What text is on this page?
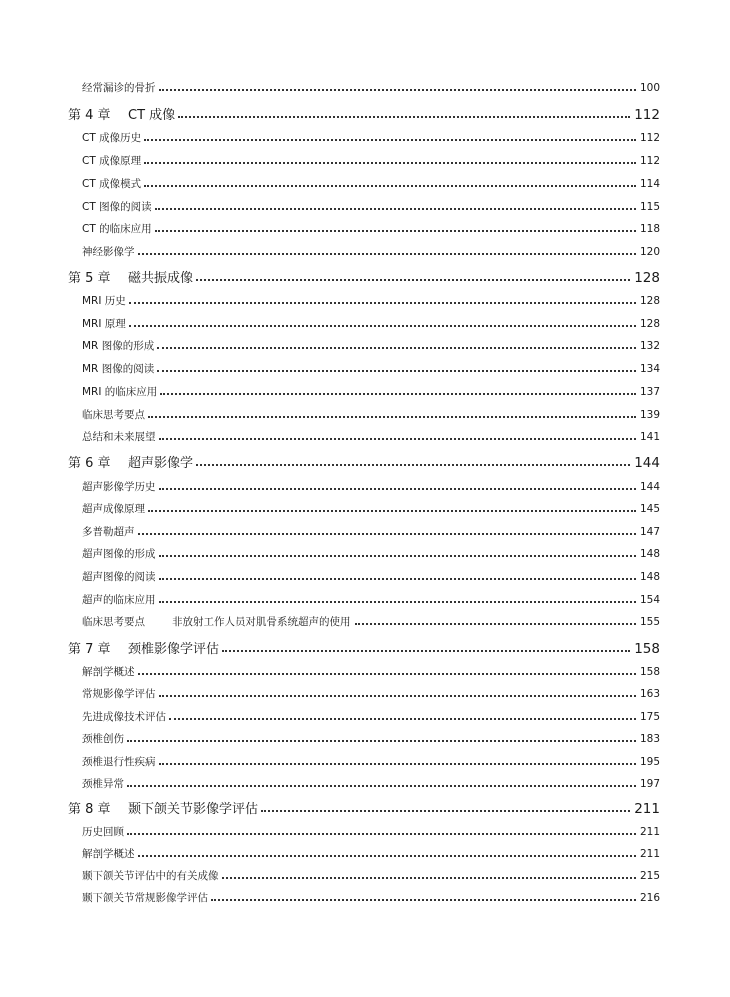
经常漏诊的骨折	100
第 4 章 CT 成像	112
CT 成像历史	112
CT 成像原理	112
CT 成像模式	114
CT 图像的阅读	115
CT 的临床应用	118
神经影像学	120
第 5 章 磁共振成像	128
MRI 历史	128
MRI 原理	128
MR 图像的形成	132
MR 图像的阅读	134
MRI 的临床应用	137
临床思考要点	139
总结和未来展望	141
第 6 章 超声影像学	144
超声影像学历史	144
超声成像原理	145
多普勒超声	147
超声图像的形成	148
超声图像的阅读	148
超声的临床应用	154
临床思考要点	非放射工作人员对肌骨系统超声的使用	155
第 7 章 颈椎影像学评估	158
解剖学概述	158
常规影像学评估	163
先进成像技术评估	175
颈椎创伤	183
颈椎退行性疾病	195
颈椎异常	197
第 8 章 颞下颌关节影像学评估	211
历史回顾	211
解剖学概述	211
颞下颌关节评估中的有关成像	215
颞下颌关节常规影像学评估	216
